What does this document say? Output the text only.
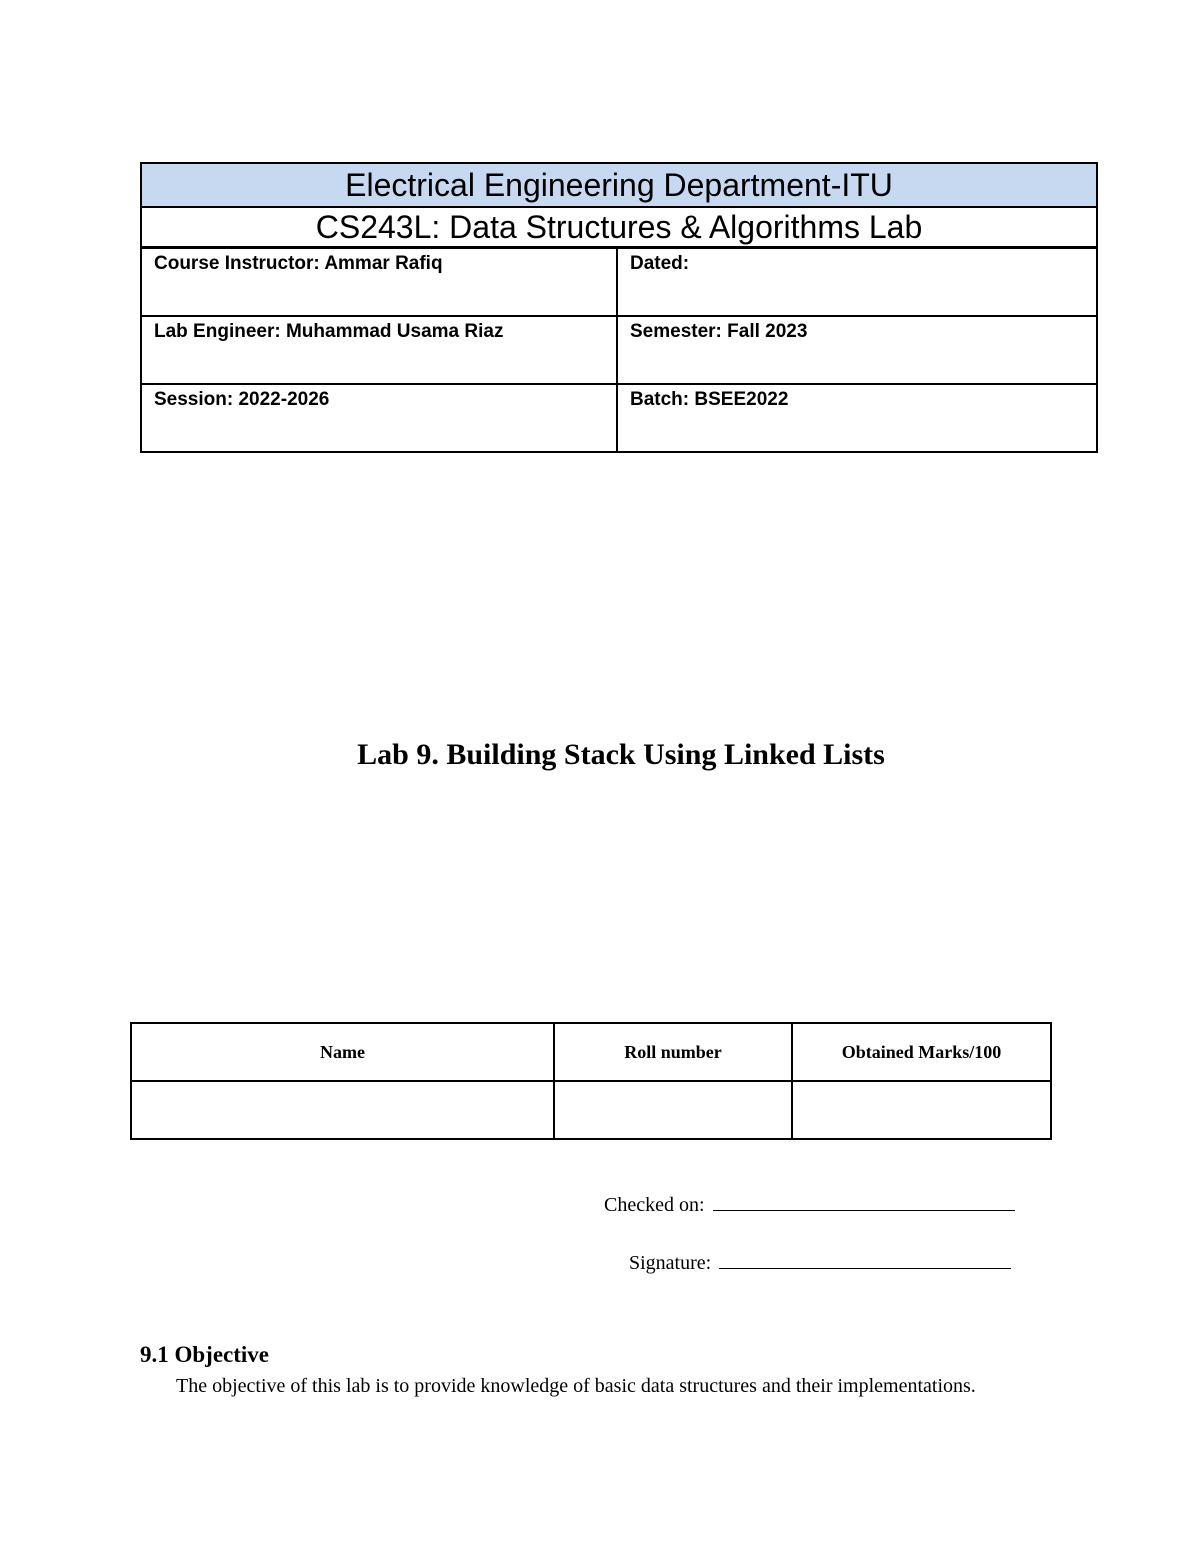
Electrical Engineering Department-ITU	
CS243L: Data Structures & Algorithms Lab	
Course Instructor: Ammar Rafiq	Dated:
Lab Engineer: Muhammad Usama Riaz	Semester: Fall 2023
Session: 2022-2026	Batch: BSEE2022
Lab 9. Building Stack Using Linked Lists
Name	Roll number	Obtained Marks/100

Checked on:
Signature:
9.1 Objective
The objective of this lab is to provide knowledge of basic data structures and their implementations.
